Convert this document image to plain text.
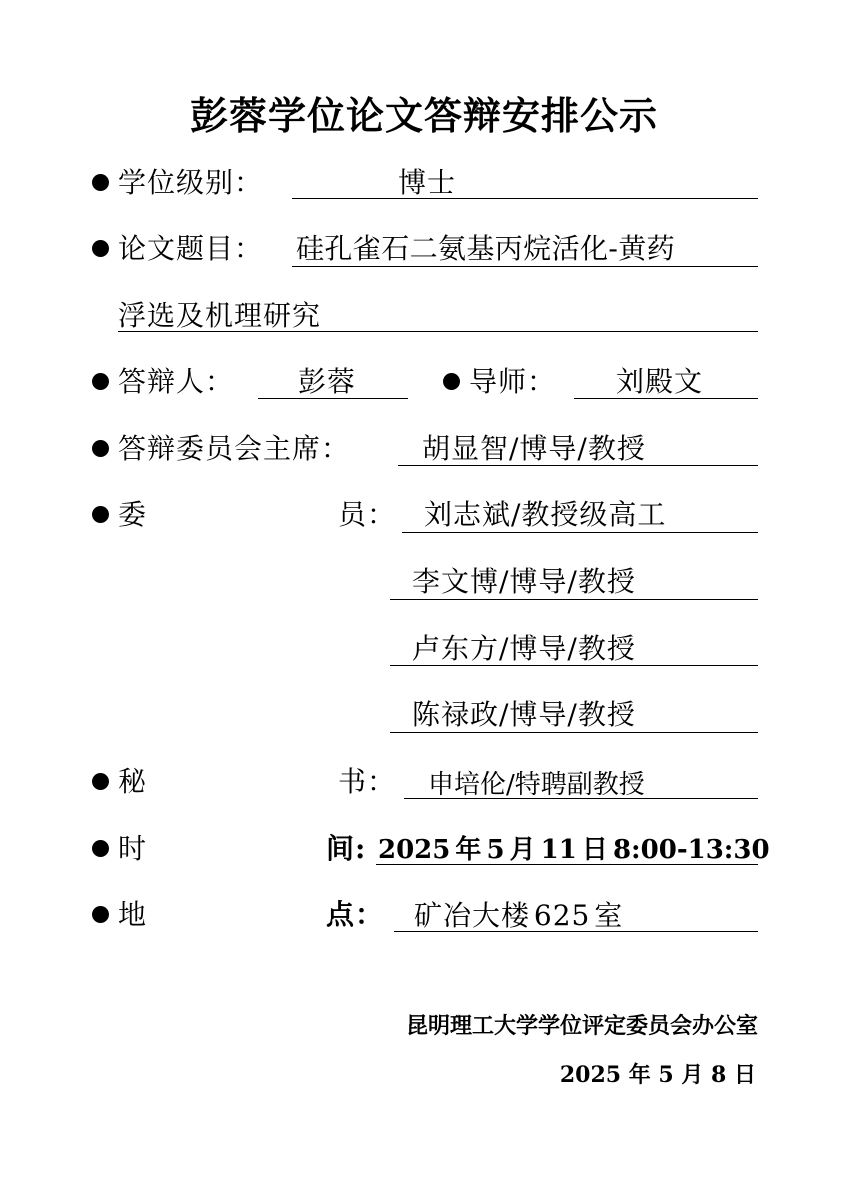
彭蓉学位论文答辩安排公示
学位级别：	博士
论文题目： 硅孔雀石二氨基丙烷活化-黄药
浮选及机理研究
答辩人： 彭蓉	导师： 刘殿文
答辩委员会主席：	胡显智/博导/教授
委	员： 刘志斌/教授级高工
李文博/博导/教授
卢东方/博导/教授
陈禄政/博导/教授
秘	书： 申培伦/特聘副教授
时	间: 2025 年 5 月 11 日 8:00-13:30
地	点： 矿冶大楼 625 室
昆明理工大学学位评定委员会办公室
2025 年 5 月 8 日
